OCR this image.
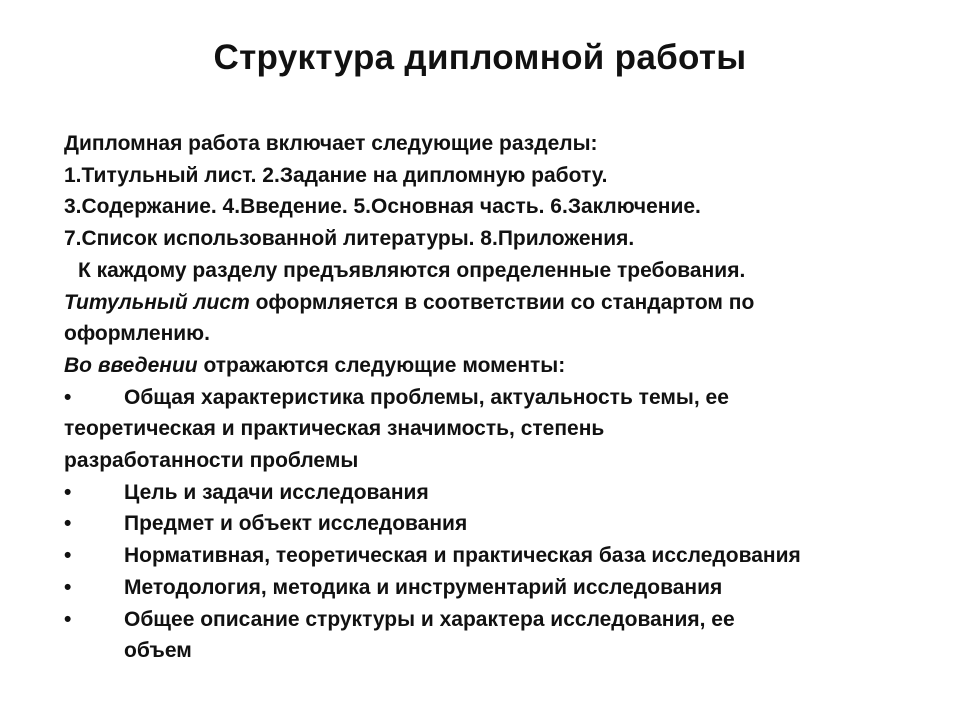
Структура дипломной работы
Дипломная работа включает следующие разделы:
1.Титульный лист. 2.Задание на дипломную работу.
3.Содержание. 4.Введение. 5.Основная часть. 6.Заключение.
7.Список использованной литературы. 8.Приложения.
К каждому разделу предъявляются определенные требования.
Титульный лист оформляется в соответствии со стандартом по
оформлению.
Во введении отражаются следующие моменты:
•	Общая характеристика проблемы, актуальность темы, ее
теоретическая и практическая значимость, степень
разработанности проблемы
•	Цель и задачи исследования
•	Предмет и объект исследования
•	Нормативная, теоретическая и практическая база исследования
•	Методология, методика и инструментарий исследования
•	Общее описание структуры и характера исследования, ее
объем
